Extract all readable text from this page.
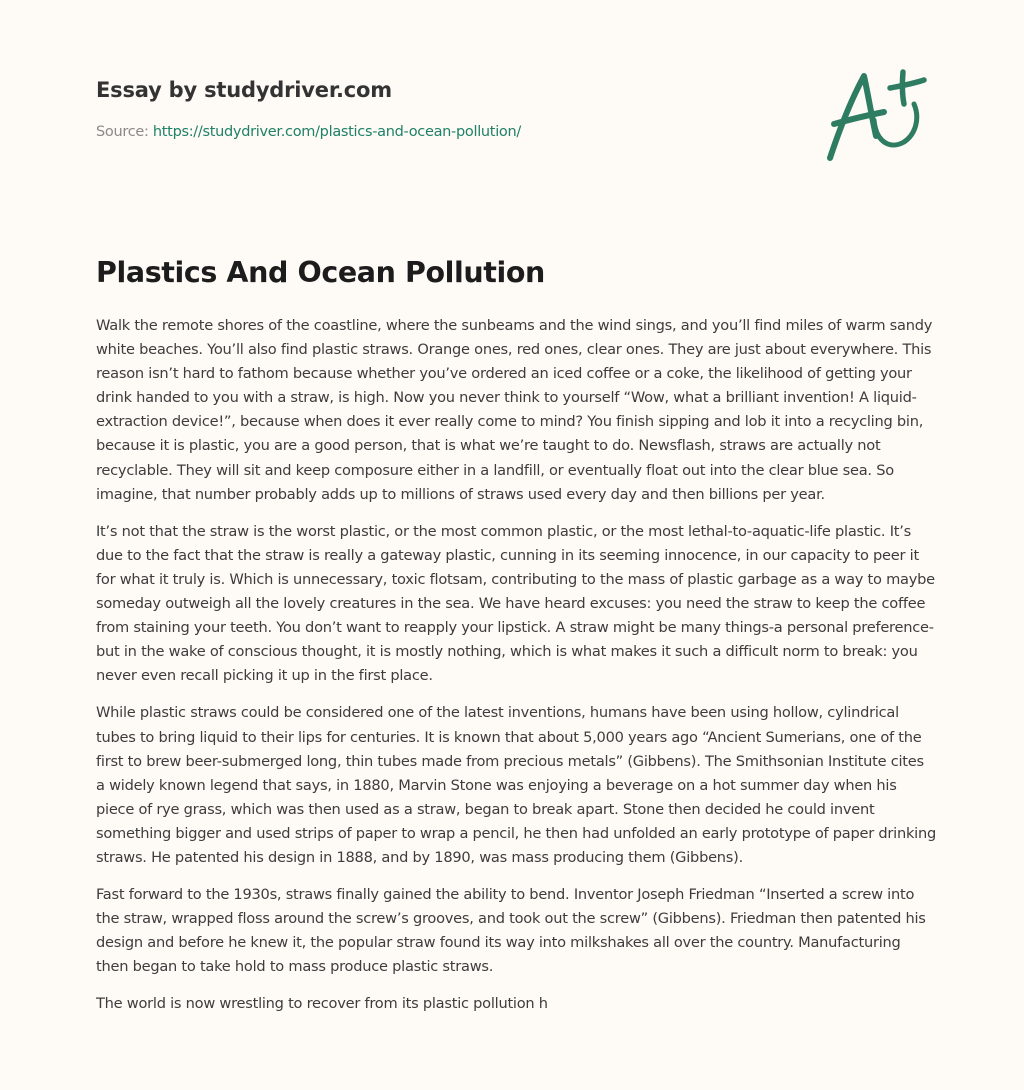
Essay by studydriver.com
Source: https://studydriver.com/plastics-and-ocean-pollution/
Plastics And Ocean Pollution

Walk the remote shores of the coastline, where the sunbeams and the wind sings, and you’ll find miles of warm sandy white beaches. You’ll also find plastic straws. Orange ones, red ones, clear ones. They are just about everywhere. This reason isn’t hard to fathom because whether you’ve ordered an iced coffee or a coke, the likelihood of getting your drink handed to you with a straw, is high. Now you never think to yourself “Wow, what a brilliant invention! A liquid-extraction device!”, because when does it ever really come to mind? You finish sipping and lob it into a recycling bin, because it is plastic, you are a good person, that is what we’re taught to do. Newsflash, straws are actually not recyclable. They will sit and keep composure either in a landfill, or eventually float out into the clear blue sea. So imagine, that number probably adds up to millions of straws used every day and then billions per year.

It’s not that the straw is the worst plastic, or the most common plastic, or the most lethal-to-aquatic-life plastic. It’s due to the fact that the straw is really a gateway plastic, cunning in its seeming innocence, in our capacity to peer it for what it truly is. Which is unnecessary, toxic flotsam, contributing to the mass of plastic garbage as a way to maybe someday outweigh all the lovely creatures in the sea. We have heard excuses: you need the straw to keep the coffee from staining your teeth. You don’t want to reapply your lipstick. A straw might be many things-a personal preference- but in the wake of conscious thought, it is mostly nothing, which is what makes it such a difficult norm to break: you never even recall picking it up in the first place.

While plastic straws could be considered one of the latest inventions, humans have been using hollow, cylindrical tubes to bring liquid to their lips for centuries. It is known that about 5,000 years ago “Ancient Sumerians, one of the first to brew beer-submerged long, thin tubes made from precious metals” (Gibbens). The Smithsonian Institute cites a widely known legend that says, in 1880, Marvin Stone was enjoying a beverage on a hot summer day when his piece of rye grass, which was then used as a straw, began to break apart. Stone then decided he could invent something bigger and used strips of paper to wrap a pencil, he then had unfolded an early prototype of paper drinking straws. He patented his design in 1888, and by 1890, was mass producing them (Gibbens).

Fast forward to the 1930s, straws finally gained the ability to bend. Inventor Joseph Friedman “Inserted a screw into the straw, wrapped floss around the screw’s grooves, and took out the screw” (Gibbens). Friedman then patented his design and before he knew it, the popular straw found its way into milkshakes all over the country. Manufacturing then began to take hold to mass produce plastic straws.

The world is now wrestling to recover from its plastic pollution h
